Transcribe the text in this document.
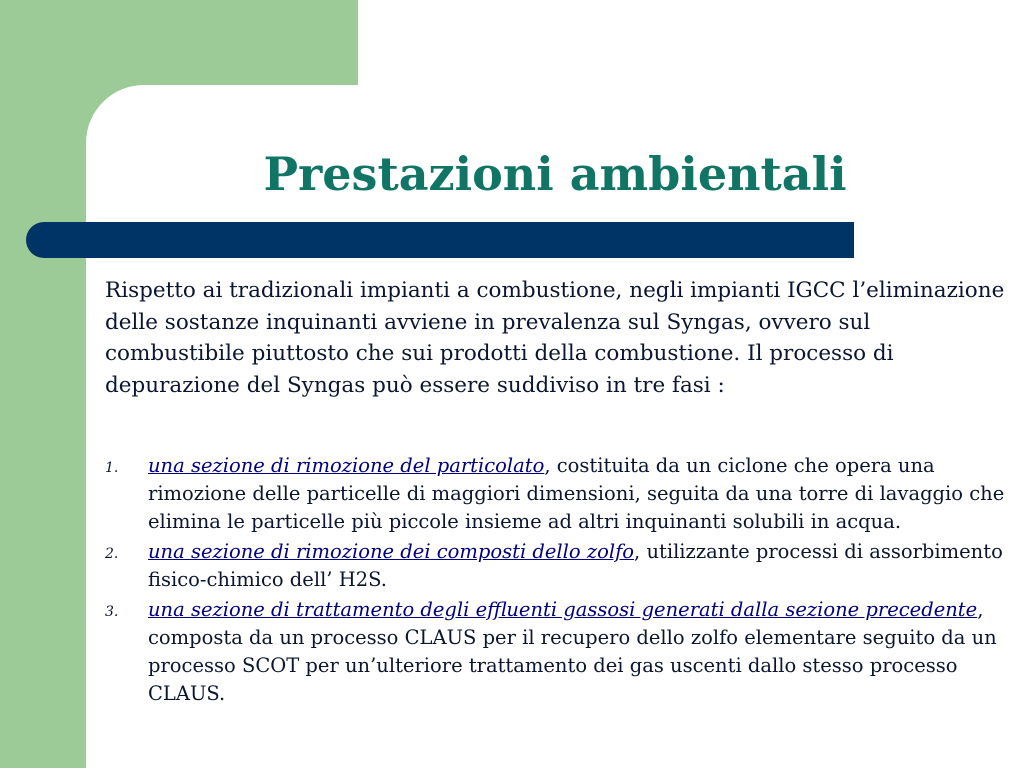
Prestazioni ambientali

Rispetto ai tradizionali impianti a combustione, negli impianti IGCC l’eliminazione delle sostanze inquinanti avviene in prevalenza sul Syngas, ovvero sul combustibile piuttosto che sui prodotti della combustione. Il processo di depurazione del Syngas può essere suddiviso in tre fasi :

1. una sezione di rimozione del particolato, costituita da un ciclone che opera una rimozione delle particelle di maggiori dimensioni, seguita da una torre di lavaggio che elimina le particelle più piccole insieme ad altri inquinanti solubili in acqua.
2. una sezione di rimozione dei composti dello zolfo, utilizzante processi di assorbimento fisico-chimico dell’ H2S.
3. una sezione di trattamento degli effluenti gassosi generati dalla sezione precedente, composta da un processo CLAUS per il recupero dello zolfo elementare seguito da un processo SCOT per un’ulteriore trattamento dei gas uscenti dallo stesso processo CLAUS.
